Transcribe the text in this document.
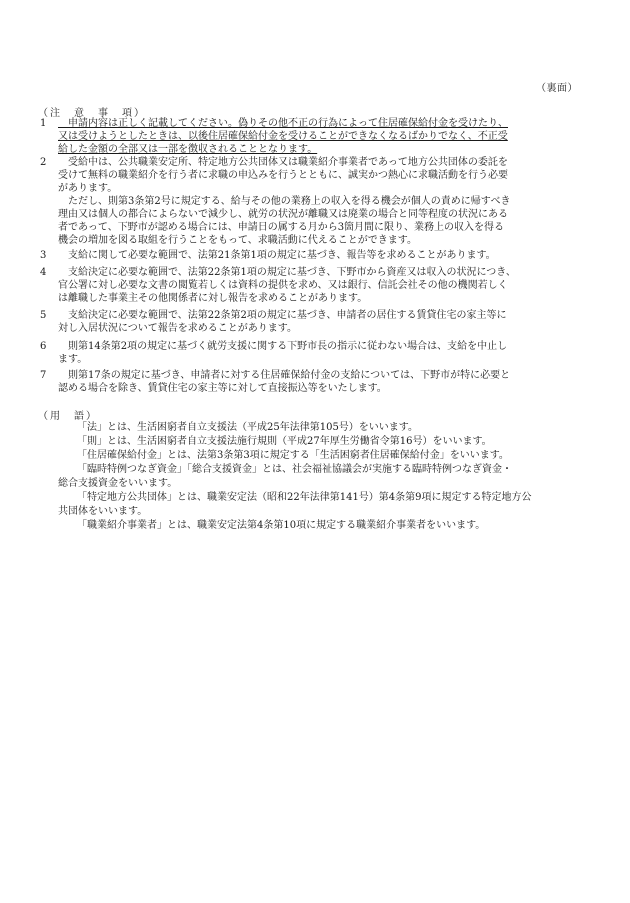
（裏面）
（注　意　事　項）
1 　申請内容は正しく記載してください。偽りその他不正の行為によって住居確保給付金を受けたり、
又は受けようとしたときは、以後住居確保給付金を受けることができなくなるばかりでなく、不正受
給した金額の全部又は一部を徴収されることとなります。
2 　受給中は、公共職業安定所、特定地方公共団体又は職業紹介事業者であって地方公共団体の委託を
受けて無料の職業紹介を行う者に求職の申込みを行うとともに、誠実かつ熱心に求職活動を行う必要
があります。
　ただし、則第3条第2号に規定する、給与その他の業務上の収入を得る機会が個人の責めに帰すべき
理由又は個人の都合によらないで減少し、就労の状況が離職又は廃業の場合と同等程度の状況にある
者であって、下野市が認める場合には、申請日の属する月から3箇月間に限り、業務上の収入を得る
機会の増加を図る取組を行うことをもって、求職活動に代えることができます。
3 　支給に関して必要な範囲で、法第21条第1項の規定に基づき、報告等を求めることがあります。
4 　支給決定に必要な範囲で、法第22条第1項の規定に基づき、下野市から資産又は収入の状況につき、
官公署に対し必要な文書の閲覧若しくは資料の提供を求め、又は銀行、信託会社その他の機関若しく
は離職した事業主その他関係者に対し報告を求めることがあります。
5 　支給決定に必要な範囲で、法第22条第2項の規定に基づき、申請者の居住する賃貸住宅の家主等に
対し入居状況について報告を求めることがあります。
6 　則第14条第2項の規定に基づく就労支援に関する下野市長の指示に従わない場合は、支給を中止し
ます。
7 　則第17条の規定に基づき、申請者に対する住居確保給付金の支給については、下野市が特に必要と
認める場合を除き、賃貸住宅の家主等に対して直接振込等をいたします。
（用　語）
「法」とは、生活困窮者自立支援法（平成25年法律第105号）をいいます。
「則」とは、生活困窮者自立支援法施行規則（平成27年厚生労働省令第16号）をいいます。
「住居確保給付金」とは、法第3条第3項に規定する「生活困窮者住居確保給付金」をいいます。
「臨時特例つなぎ資金」「総合支援資金」とは、社会福祉協議会が実施する臨時特例つなぎ資金・
総合支援資金をいいます。
「特定地方公共団体」とは、職業安定法（昭和22年法律第141号）第4条第9項に規定する特定地方公
共団体をいいます。
「職業紹介事業者」とは、職業安定法第4条第10項に規定する職業紹介事業者をいいます。
